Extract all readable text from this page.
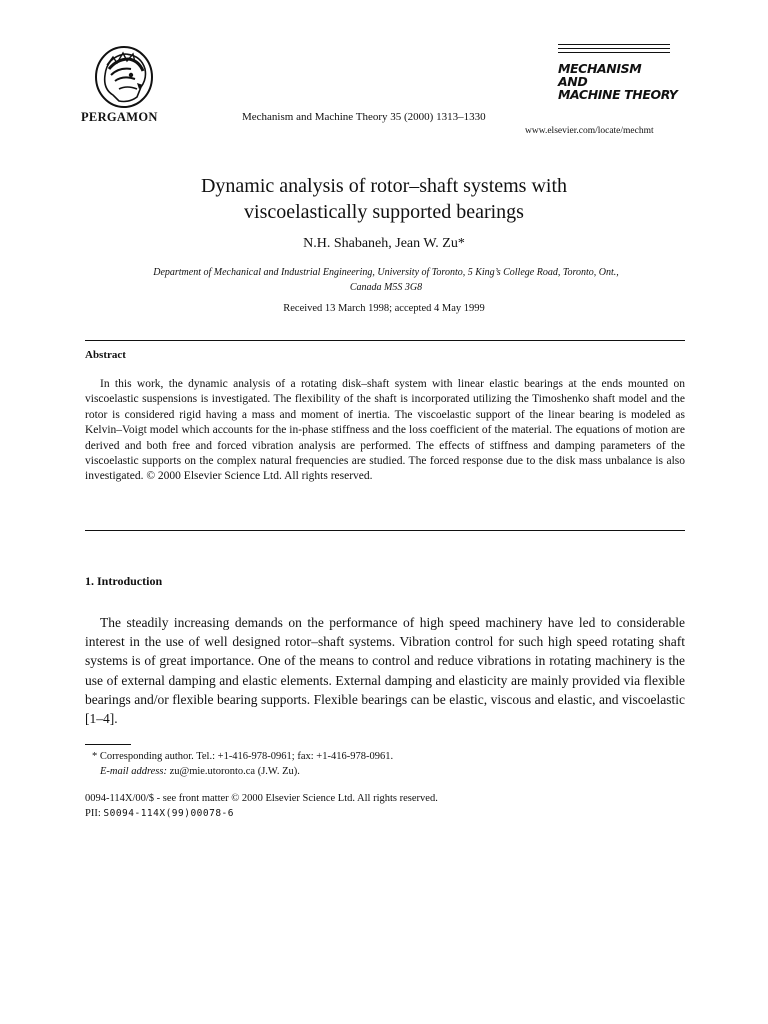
PERGAMON	Mechanism and Machine Theory 35 (2000) 1313–1330
MECHANISM
AND
MACHINE THEORY
www.elsevier.com/locate/mechmt
Dynamic analysis of rotor–shaft systems with
viscoelastically supported bearings
N.H. Shabaneh, Jean W. Zu*
Department of Mechanical and Industrial Engineering, University of Toronto, 5 King’s College Road, Toronto, Ont.,
Canada M5S 3G8
Received 13 March 1998; accepted 4 May 1999
Abstract
In this work, the dynamic analysis of a rotating disk–shaft system with linear elastic bearings at the ends mounted on viscoelastic suspensions is investigated. The flexibility of the shaft is incorporated utilizing the Timoshenko shaft model and the rotor is considered rigid having a mass and moment of inertia. The viscoelastic support of the linear bearing is modeled as Kelvin–Voigt model which accounts for the in-phase stiffness and the loss coefficient of the material. The equations of motion are derived and both free and forced vibration analysis are performed. The effects of stiffness and damping parameters of the viscoelastic supports on the complex natural frequencies are studied. The forced response due to the disk mass unbalance is also investigated. © 2000 Elsevier Science Ltd. All rights reserved.
1. Introduction
The steadily increasing demands on the performance of high speed machinery have led to considerable interest in the use of well designed rotor–shaft systems. Vibration control for such high speed rotating shaft systems is of great importance. One of the means to control and reduce vibrations in rotating machinery is the use of external damping and elastic elements. External damping and elasticity are mainly provided via flexible bearings and/or flexible bearing supports. Flexible bearings can be elastic, viscous and elastic, and viscoelastic [1–4].
* Corresponding author. Tel.: +1-416-978-0961; fax: +1-416-978-0961.
E-mail address: zu@mie.utoronto.ca (J.W. Zu).
0094-114X/00/$ - see front matter © 2000 Elsevier Science Ltd. All rights reserved.
PII: S0094-114X(99)00078-6
